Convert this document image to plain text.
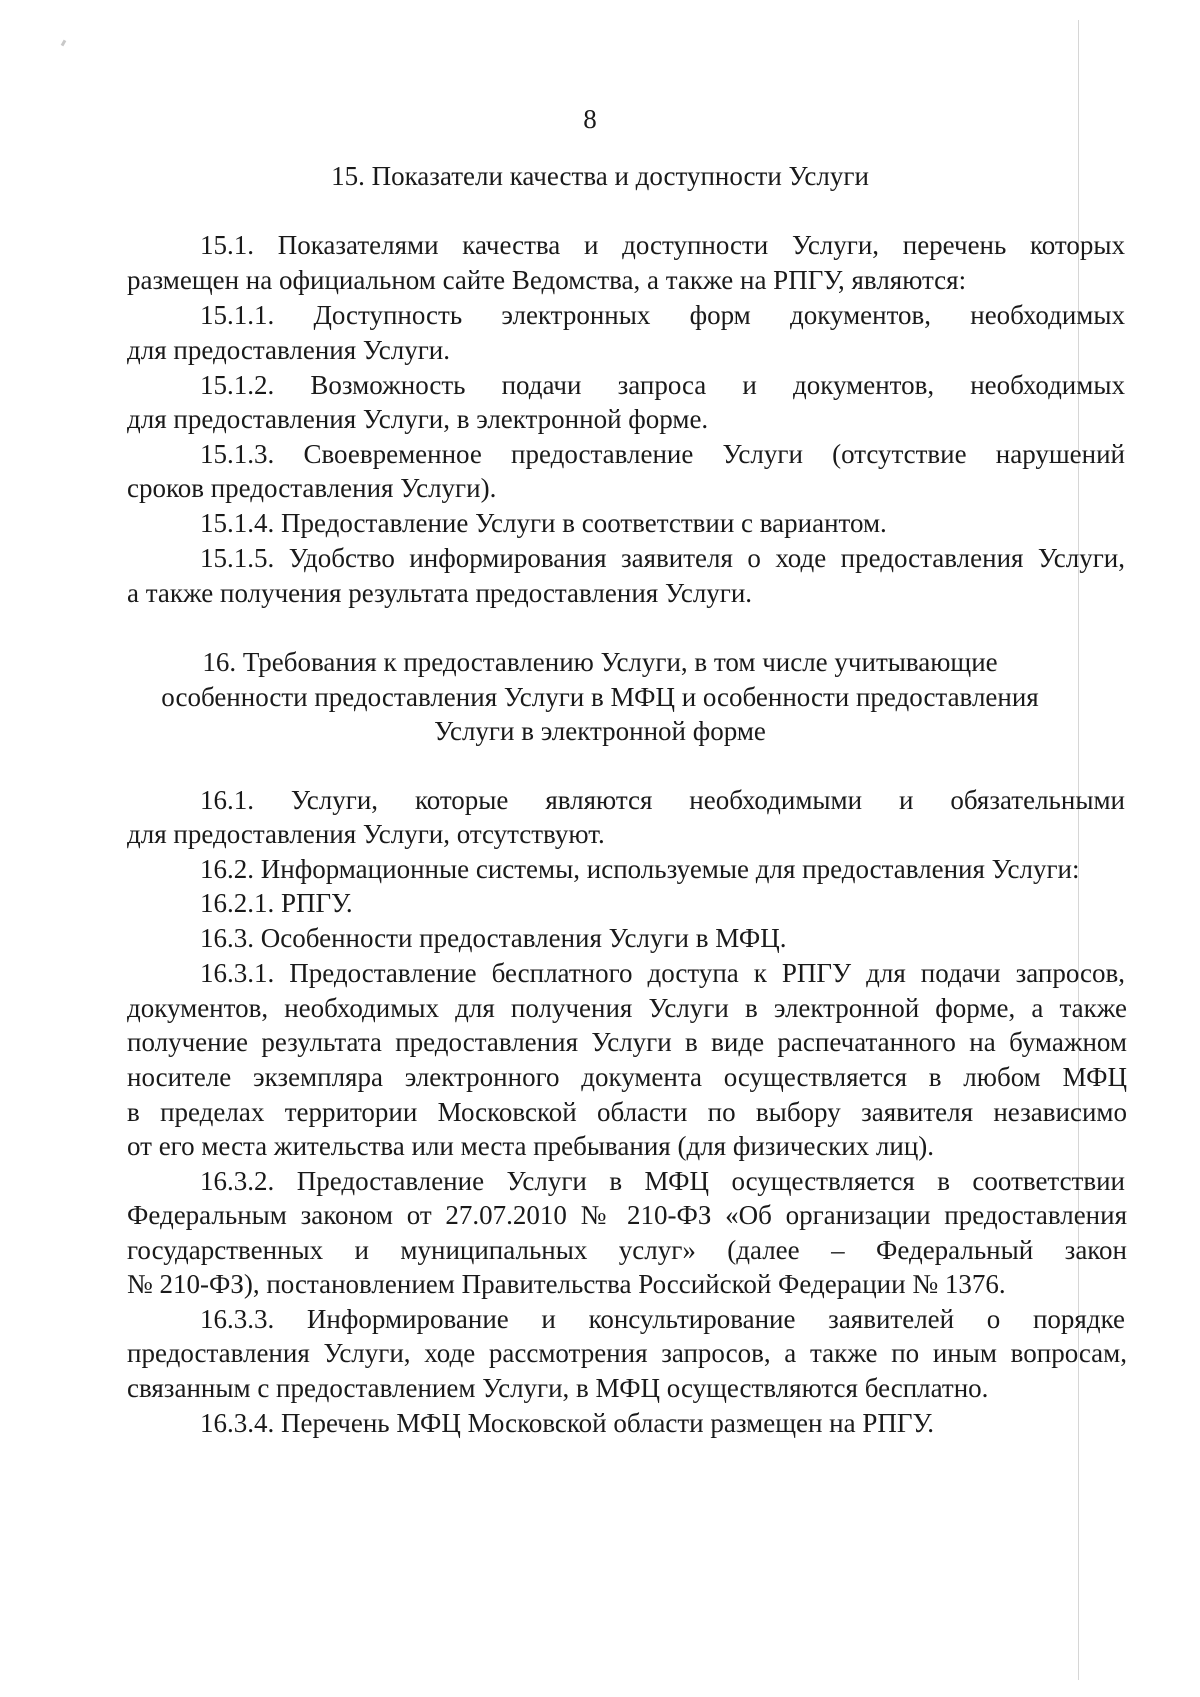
8
15. Показатели качества и доступности Услуги
15.1. Показателями качества и доступности Услуги, перечень которых
размещен на официальном сайте Ведомства, а также на РПГУ, являются:
15.1.1. Доступность электронных форм документов, необходимых
для предоставления Услуги.
15.1.2. Возможность подачи запроса и документов, необходимых
для предоставления Услуги, в электронной форме.
15.1.3. Своевременное предоставление Услуги (отсутствие нарушений
сроков предоставления Услуги).
15.1.4. Предоставление Услуги в соответствии с вариантом.
15.1.5. Удобство информирования заявителя о ходе предоставления Услуги,
а также получения результата предоставления Услуги.
16. Требования к предоставлению Услуги, в том числе учитывающие
особенности предоставления Услуги в МФЦ и особенности предоставления
Услуги в электронной форме
16.1. Услуги, которые являются необходимыми и обязательными
для предоставления Услуги, отсутствуют.
16.2. Информационные системы, используемые для предоставления Услуги:
16.2.1. РПГУ.
16.3. Особенности предоставления Услуги в МФЦ.
16.3.1. Предоставление бесплатного доступа к РПГУ для подачи запросов,
документов, необходимых для получения Услуги в электронной форме, а также
получение результата предоставления Услуги в виде распечатанного на бумажном
носителе экземпляра электронного документа осуществляется в любом МФЦ
в пределах территории Московской области по выбору заявителя независимо
от его места жительства или места пребывания (для физических лиц).
16.3.2. Предоставление Услуги в МФЦ осуществляется в соответствии
Федеральным законом от 27.07.2010 № 210-ФЗ «Об организации предоставления
государственных и муниципальных услуг» (далее – Федеральный закон
№ 210-ФЗ), постановлением Правительства Российской Федерации № 1376.
16.3.3. Информирование и консультирование заявителей о порядке
предоставления Услуги, ходе рассмотрения запросов, а также по иным вопросам,
связанным с предоставлением Услуги, в МФЦ осуществляются бесплатно.
16.3.4. Перечень МФЦ Московской области размещен на РПГУ.
